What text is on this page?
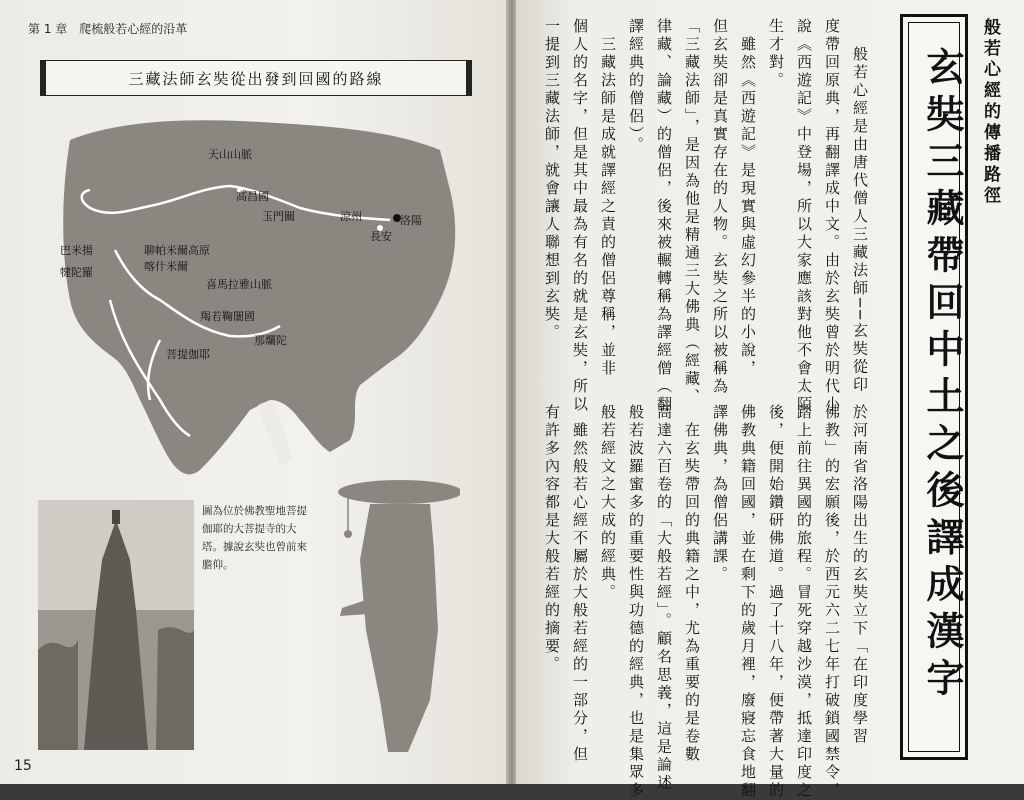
第 1 章　爬梳般若心經的沿革
三藏法師玄奘從出發到回國的路線
天山山脈
高昌國
玉門關	涼州	洛陽
長安
巴米揚
犍陀羅
聊帕米爾高原
喀什米爾
喜馬拉雅山脈
羯若鞠闍國
菩提伽耶
那爛陀
圖為位於佛教聖地菩提伽耶的大菩提寺的大塔。據說玄奘也曾前來膽仰。
15
般若心經的傳播路徑
玄奘三藏帶回中土之後譯成漢字
般若心經是由唐代僧人三藏法師──玄奘從印
度帶回原典，再翻譯成中文。由於玄奘曾於明代小
說《西遊記》中登場，所以大家應該對他不會太陌
生才對。
　雖然《西遊記》是現實與虛幻參半的小說，
但玄奘卻是真實存在的人物。玄奘之所以被稱為
「三藏法師」，是因為他是精通三大佛典（經藏、
律藏、論藏）的僧侶，後來被輾轉稱為譯經僧（翻
譯經典的僧侶）。
　三藏法師是成就譯經之責的僧侶尊稱，並非
個人的名字，但是其中最為有名的就是玄奘，所以
一提到三藏法師，就會讓人聯想到玄奘。
於河南省洛陽出生的玄奘立下「在印度學習
佛教」的宏願後，於西元六二七年打破鎖國禁令，
踏上前往異國的旅程。冒死穿越沙漠，抵達印度之
後，便開始鑽研佛道。過了十八年，便帶著大量的
佛教典籍回國，並在剩下的歲月裡，廢寢忘食地翻
譯佛典，為僧侶講課。
　在玄奘帶回的典籍之中，尤為重要的是卷數
高達六百卷的「大般若經」。顧名思義，這是論述
般若波羅蜜多的重要性與功德的經典，也是集眾多
般若經文之大成的經典。
　雖然般若心經不屬於大般若經的一部分，但
有許多內容都是大般若經的摘要。
